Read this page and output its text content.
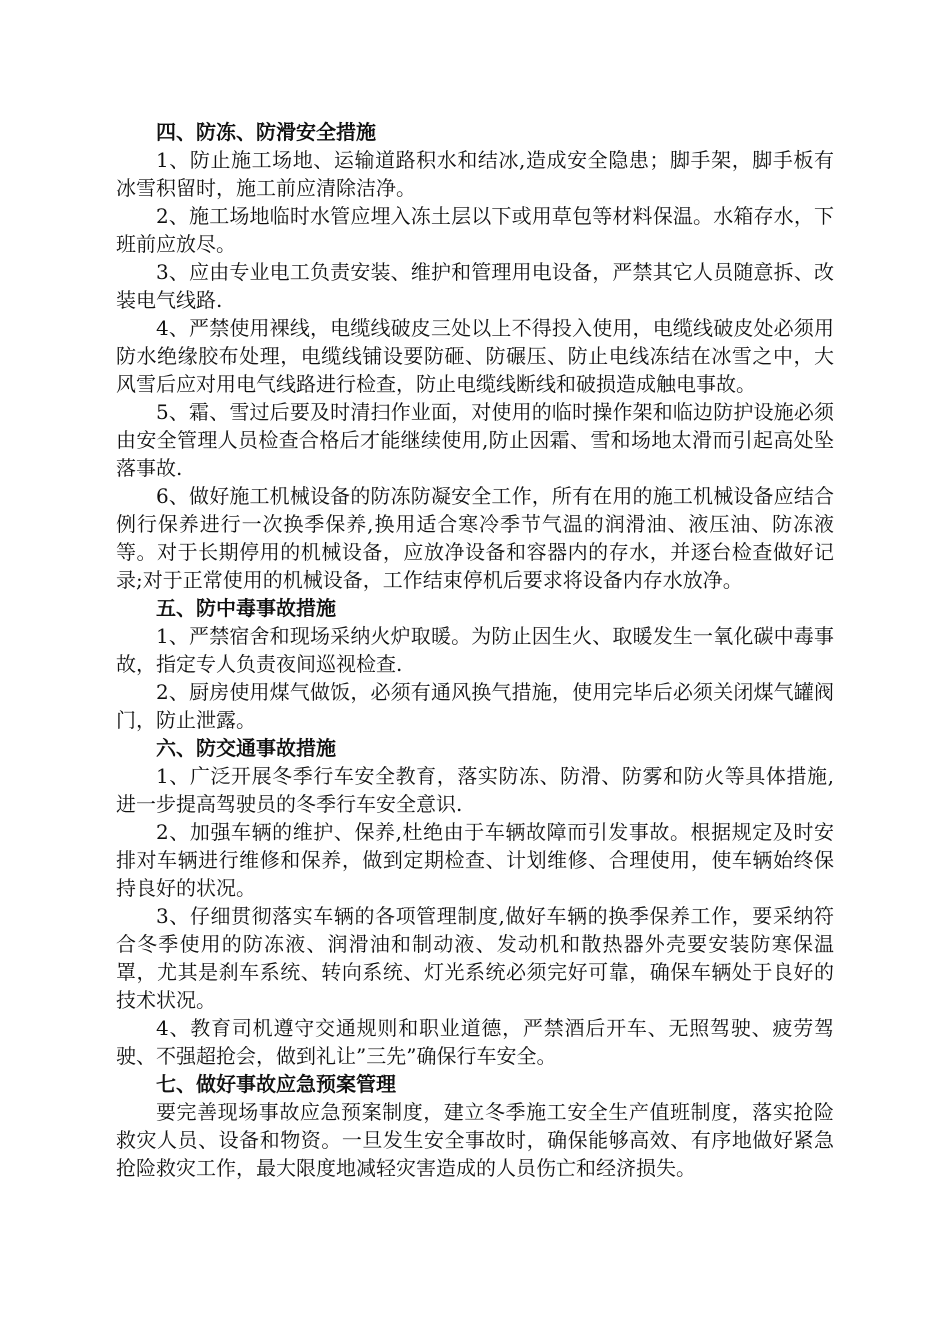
四、防冻、防滑安全措施

1、防止施工场地、运输道路积水和结冰,造成安全隐患；脚手架，脚手板有冰雪积留时，施工前应清除洁净。

2、施工场地临时水管应埋入冻土层以下或用草包等材料保温。水箱存水，下班前应放尽。

3、应由专业电工负责安装、维护和管理用电设备，严禁其它人员随意拆、改装电气线路.

4、严禁使用裸线，电缆线破皮三处以上不得投入使用，电缆线破皮处必须用防水绝缘胶布处理，电缆线铺设要防砸、防碾压、防止电线冻结在冰雪之中，大风雪后应对用电气线路进行检查，防止电缆线断线和破损造成触电事故。

5、霜、雪过后要及时清扫作业面，对使用的临时操作架和临边防护设施必须由安全管理人员检查合格后才能继续使用,防止因霜、雪和场地太滑而引起高处坠落事故.

6、做好施工机械设备的防冻防凝安全工作，所有在用的施工机械设备应结合例行保养进行一次换季保养,换用适合寒冷季节气温的润滑油、液压油、防冻液等。对于长期停用的机械设备，应放净设备和容器内的存水，并逐台检查做好记录;对于正常使用的机械设备，工作结束停机后要求将设备内存水放净。

五、防中毒事故措施

1、严禁宿舍和现场采纳火炉取暖。为防止因生火、取暖发生一氧化碳中毒事故，指定专人负责夜间巡视检查.

2、厨房使用煤气做饭，必须有通风换气措施，使用完毕后必须关闭煤气罐阀门，防止泄露。

六、防交通事故措施

1、广泛开展冬季行车安全教育，落实防冻、防滑、防雾和防火等具体措施,进一步提高驾驶员的冬季行车安全意识.

2、加强车辆的维护、保养,杜绝由于车辆故障而引发事故。根据规定及时安排对车辆进行维修和保养，做到定期检查、计划维修、合理使用，使车辆始终保持良好的状况。

3、仔细贯彻落实车辆的各项管理制度,做好车辆的换季保养工作，要采纳符合冬季使用的防冻液、润滑油和制动液、发动机和散热器外壳要安装防寒保温罩，尤其是刹车系统、转向系统、灯光系统必须完好可靠，确保车辆处于良好的技术状况。

4、教育司机遵守交通规则和职业道德，严禁酒后开车、无照驾驶、疲劳驾驶、不强超抢会，做到礼让”三先”确保行车安全。

七、做好事故应急预案管理

要完善现场事故应急预案制度，建立冬季施工安全生产值班制度，落实抢险救灾人员、设备和物资。一旦发生安全事故时，确保能够高效、有序地做好紧急抢险救灾工作，最大限度地减轻灾害造成的人员伤亡和经济损失。
